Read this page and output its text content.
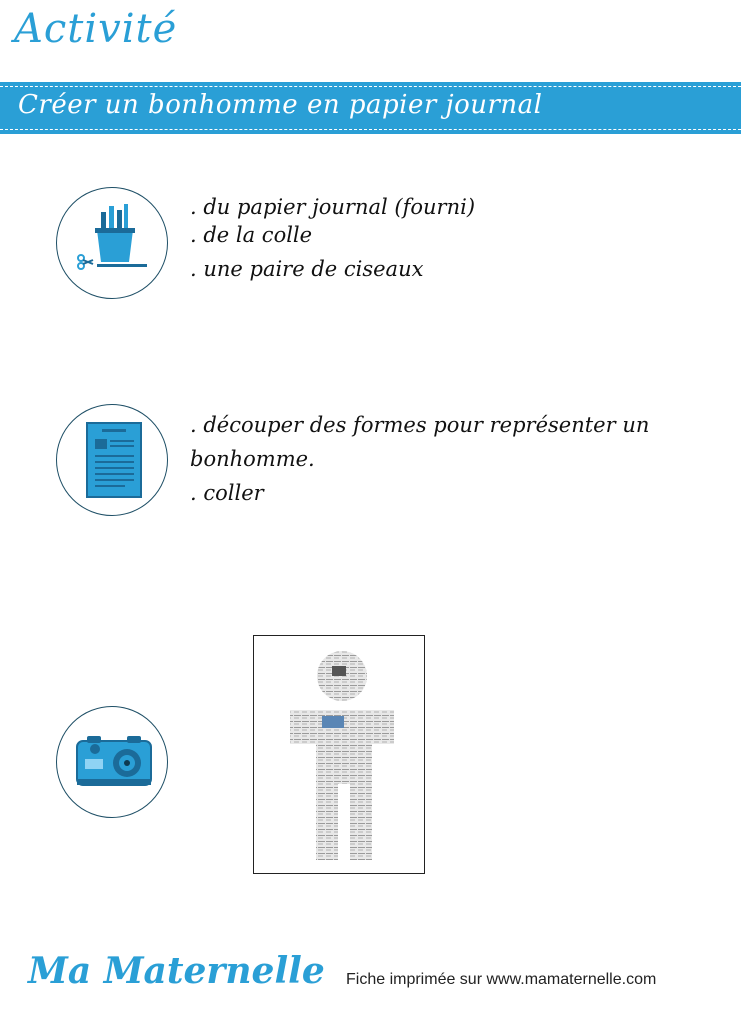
Activité
Créer un bonhomme en papier journal
. du papier journal (fourni)
. de la colle
. une paire de ciseaux
. découper des formes pour représenter un
bonhomme.
. coller
Ma Maternelle Fiche imprimée sur www.mamaternelle.com
